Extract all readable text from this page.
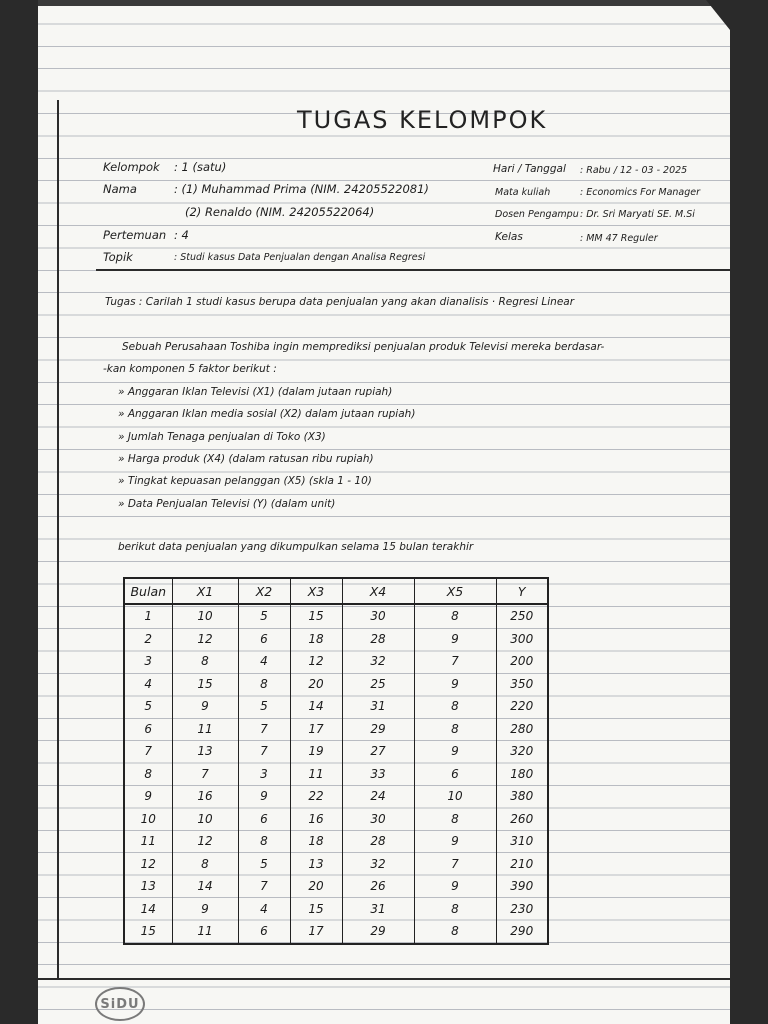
TUGAS KELOMPOK
Kelompok : 1 (satu)
Nama	: (1) Muhammad Prima (NIM. 24205522081)
(2) Renaldo (NIM. 24205522064)
Pertemuan : 4
Topik	: Studi kasus Data Penjualan dengan Analisa Regresi
Hari / Tanggal : Rabu / 12 - 03 - 2025
Mata kuliah	: Economics For Manager
Dosen Pengampu : Dr. Sri Maryati SE. M.Si
Kelas	: MM 47 Reguler
Tugas : Carilah 1 studi kasus berupa data penjualan yang akan dianalisis · Regresi Linear
Sebuah Perusahaan Toshiba ingin memprediksi penjualan produk Televisi mereka berdasar-
-kan komponen 5 faktor berikut :
» Anggaran Iklan Televisi (X1) (dalam jutaan rupiah)
» Anggaran Iklan media sosial (X2) dalam jutaan rupiah)
» Jumlah Tenaga penjualan di Toko (X3)
» Harga produk (X4) (dalam ratusan ribu rupiah)
» Tingkat kepuasan pelanggan (X5) (skla 1 - 10)
» Data Penjualan Televisi (Y) (dalam unit)
berikut data penjualan yang dikumpulkan selama 15 bulan terakhir
Bulan	X1	X2	X3	X4	X5	Y
1	10	5	15	30	8	250
2	12	6	18	28	9	300
3	8	4	12	32	7	200
4	15	8	20	25	9	350
5	9	5	14	31	8	220
6	11	7	17	29	8	280
7	13	7	19	27	9	320
8	7	3	11	33	6	180
9	16	9	22	24	10	380
10	10	6	16	30	8	260
11	12	8	18	28	9	310
12	8	5	13	32	7	210
13	14	7	20	26	9	390
14	9	4	15	31	8	230
15	11	6	17	29	8	290
SiDU
